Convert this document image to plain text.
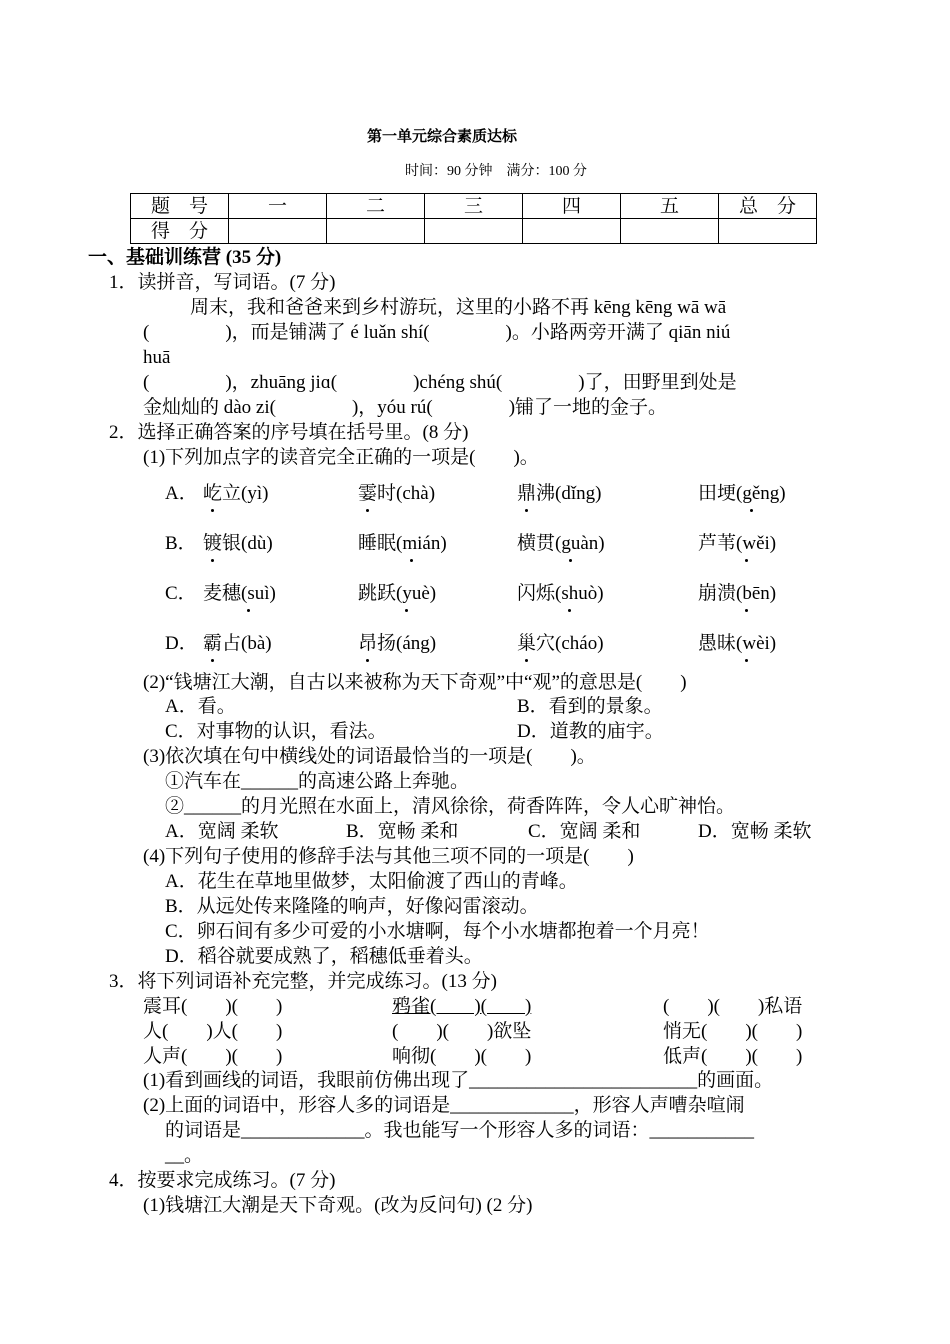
第一单元综合素质达标
时间：90 分钟　满分：100 分
题　号	一	二	三	四	五	总　分
得　分						
一、基础训练营 (35 分)
1．读拼音，写词语。(7 分)
周末，我和爸爸来到乡村游玩，这里的小路不再 kēng kēng wā wā
(　　　　)，而是铺满了 é luǎn shí(　　　　)。小路两旁开满了 qiān niú
huā
(　　　　)，zhuāng jiɑ(　　　　)chéng shú(　　　　)了，田野里到处是
金灿灿的 dào zi(　　　　)，yóu rú(　　　　)铺了一地的金子。
2．选择正确答案的序号填在括号里。(8 分)
(1)下列加点字的读音完全正确的一项是(　　)。
A． 屹立(yì)	霎时(chà)	鼎沸(dǐng)	田埂(gěng)
B． 镀银(dù)	睡眠(mián)	横贯(guàn)	芦苇(wěi)
C． 麦穗(suì)	跳跃(yuè)	闪烁(shuò)	崩溃(bēn)
D． 霸占(bà)	昂扬(áng)	巢穴(cháo)	愚昧(wèi)
(2)“钱塘江大潮，自古以来被称为天下奇观”中“观”的意思是(　　)
A．看。	B．看到的景象。
C．对事物的认识，看法。	D．道教的庙宇。
(3)依次填在句中横线处的词语最恰当的一项是(　　)。
①汽车在______的高速公路上奔驰。
②______的月光照在水面上，清风徐徐，荷香阵阵，令人心旷神怡。
A．宽阔 柔软	B．宽畅 柔和	C．宽阔 柔和	D．宽畅 柔软
(4)下列句子使用的修辞手法与其他三项不同的一项是(　　)
A．花生在草地里做梦，太阳偷渡了西山的青峰。
B．从远处传来隆隆的响声，好像闷雷滚动。
C．卵石间有多少可爱的小水塘啊，每个小水塘都抱着一个月亮！
D．稻谷就要成熟了，稻穗低垂着头。
3．将下列词语补充完整，并完成练习。(13 分)
震耳(　　)(　　)	鸦雀(　　)(　　)	(　　)(　　)私语
人(　　)人(　　)	(　　)(　　)欲坠	悄无(　　)(　　)
人声(　　)(　　)	响彻(　　)(　　)	低声(　　)(　　)
(1)看到画线的词语，我眼前仿佛出现了________________________的画面。
(2)上面的词语中，形容人多的词语是_____________，形容人声嘈杂喧闹
的词语是_____________。我也能写一个形容人多的词语：___________
__。
4．按要求完成练习。(7 分)
(1)钱塘江大潮是天下奇观。(改为反问句) (2 分)
